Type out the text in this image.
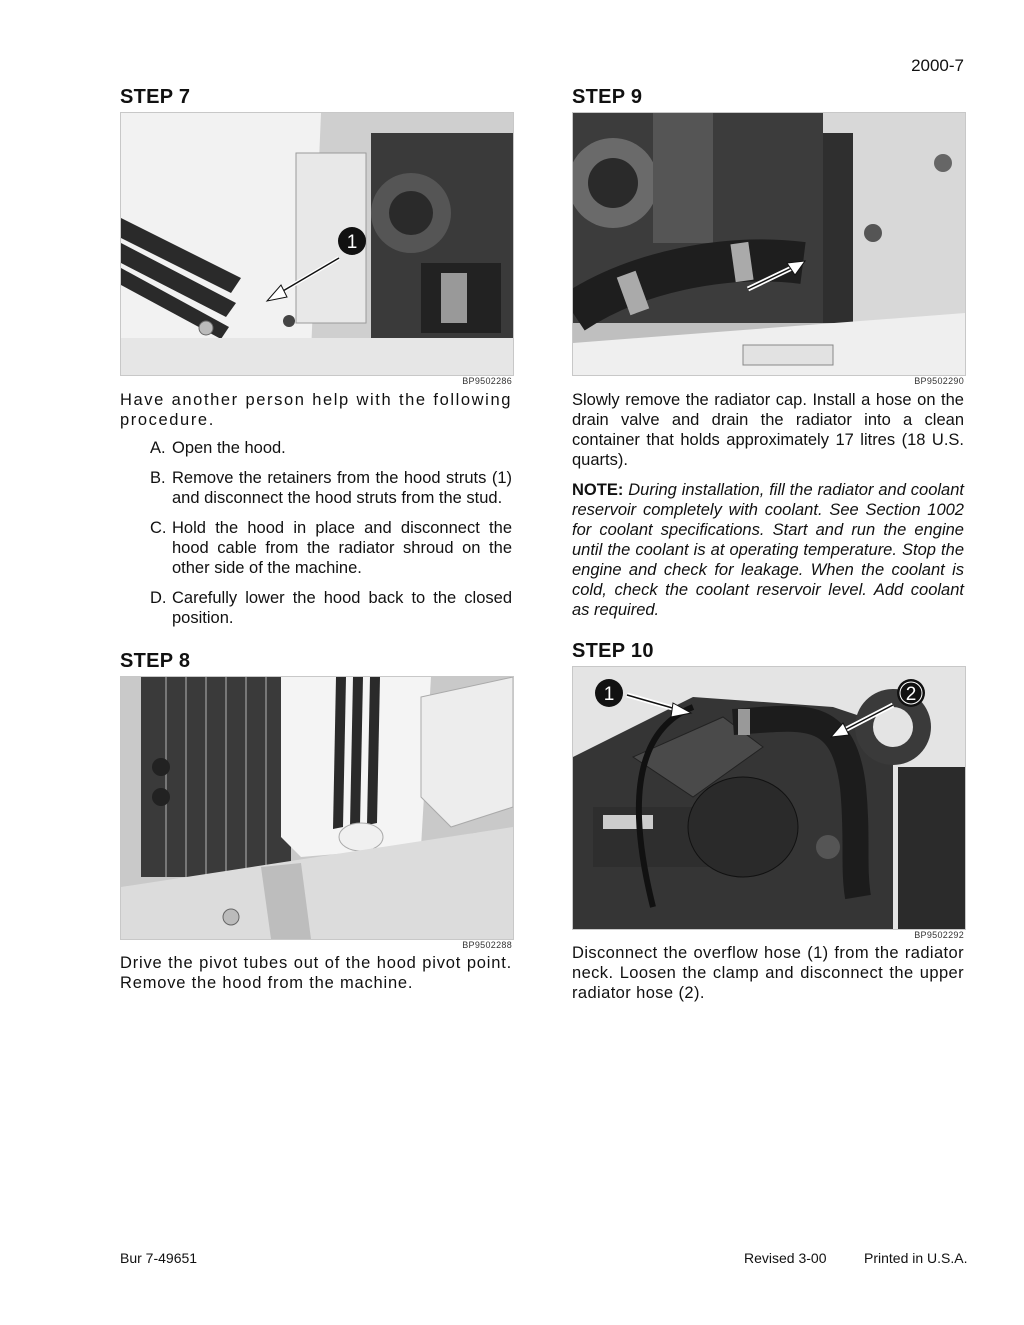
2000-7
STEP 7
1
BP9502286
Have another person help with the following procedure.
A. Open the hood.
B. Remove the retainers from the hood struts (1) and disconnect the hood struts from the stud.
C. Hold the hood in place and disconnect the hood cable from the radiator shroud on the other side of the machine.
D. Carefully lower the hood back to the closed position.
STEP 8
BP9502288
Drive the pivot tubes out of the hood pivot point. Remove the hood from the machine.
STEP 9
BP9502290
Slowly remove the radiator cap. Install a hose on the drain valve and drain the radiator into a clean container that holds approximately 17 litres (18 U.S. quarts).
NOTE: During installation, fill the radiator and coolant reservoir completely with coolant. See Section 1002 for coolant specifications. Start and run the engine until the coolant is at operating temperature. Stop the engine and check for leakage. When the coolant is cold, check the coolant reservoir level. Add coolant as required.
STEP 10
1	2
BP9502292
Disconnect the overflow hose (1) from the radiator neck. Loosen the clamp and disconnect the upper radiator hose (2).
Bur 7-49651	Revised 3-00	Printed in U.S.A.
